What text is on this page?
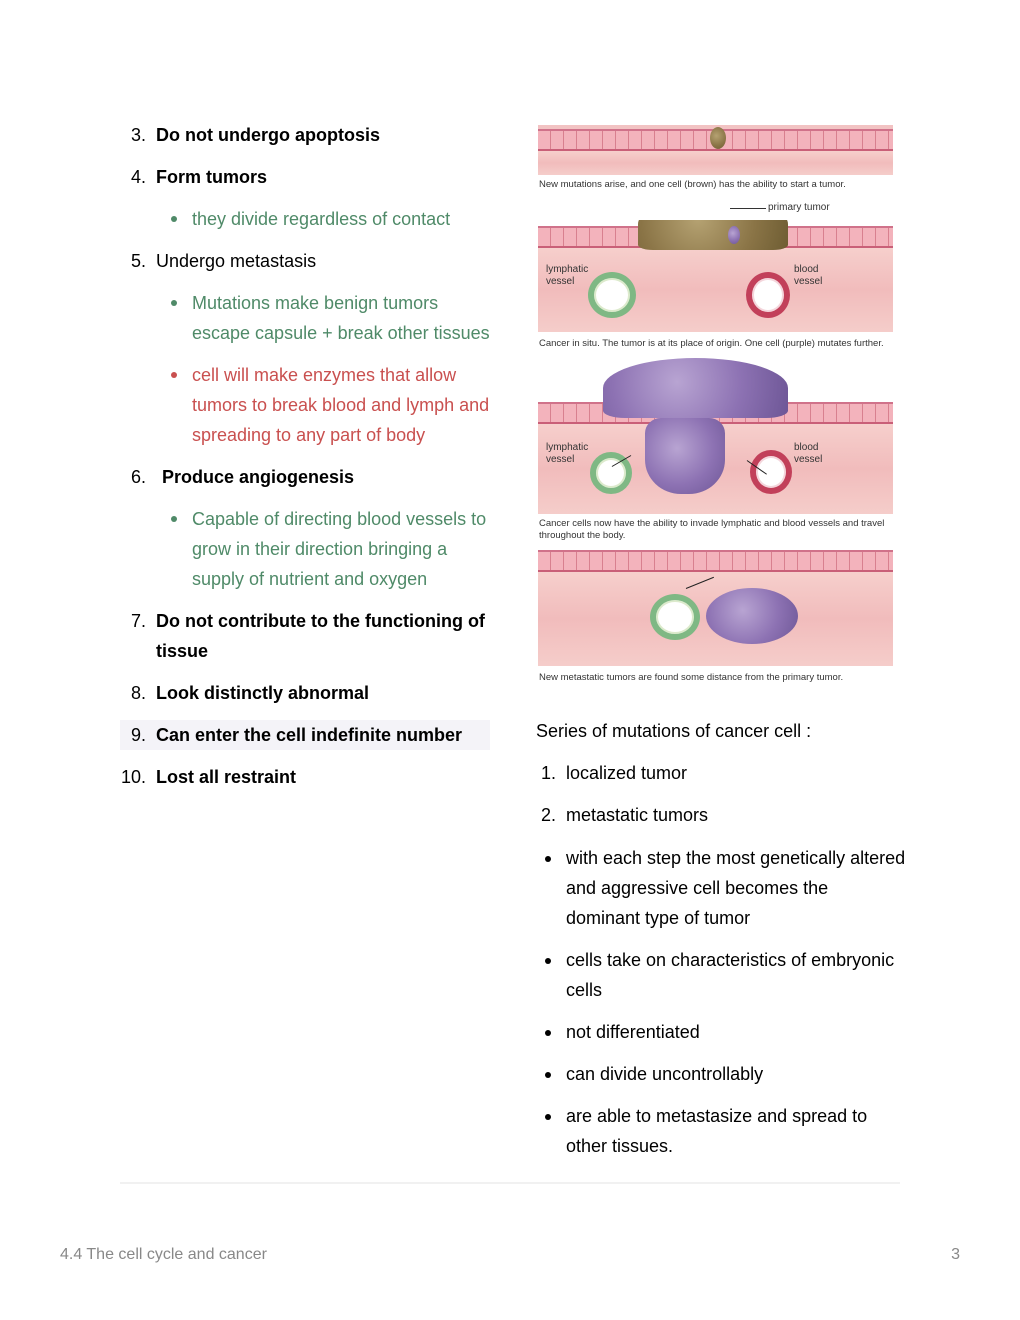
3. Do not undergo apoptosis
4. Form tumors
they divide regardless of contact
5. Undergo metastasis
Mutations make benign tumors escape capsule + break other tissues
cell will make enzymes that allow tumors to break blood and lymph and spreading to any part of body
6. Produce angiogenesis
Capable of directing blood vessels to grow in their direction bringing a supply of nutrient and oxygen
7. Do not contribute to the functioning of tissue
8. Look distinctly abnormal
9. Can enter the cell indefinite number
10. Lost all restraint
New mutations arise, and one cell (brown) has the ability to start a tumor.
lymphatic vessel
blood vessel
primary tumor
Cancer in situ. The tumor is at its place of origin. One cell (purple) mutates further.
lymphatic vessel
blood vessel
Cancer cells now have the ability to invade lymphatic and blood vessels and travel throughout the body.
New metastatic tumors are found some distance from the primary tumor.
Series of mutations of cancer cell :
1. localized tumor
2. metastatic tumors
with each step the most genetically altered and aggressive cell becomes the dominant type of tumor
cells take on characteristics of embryonic cells
not differentiated
can divide uncontrollably
are able to metastasize and spread to other tissues.
4.4 The cell cycle and cancer	3
